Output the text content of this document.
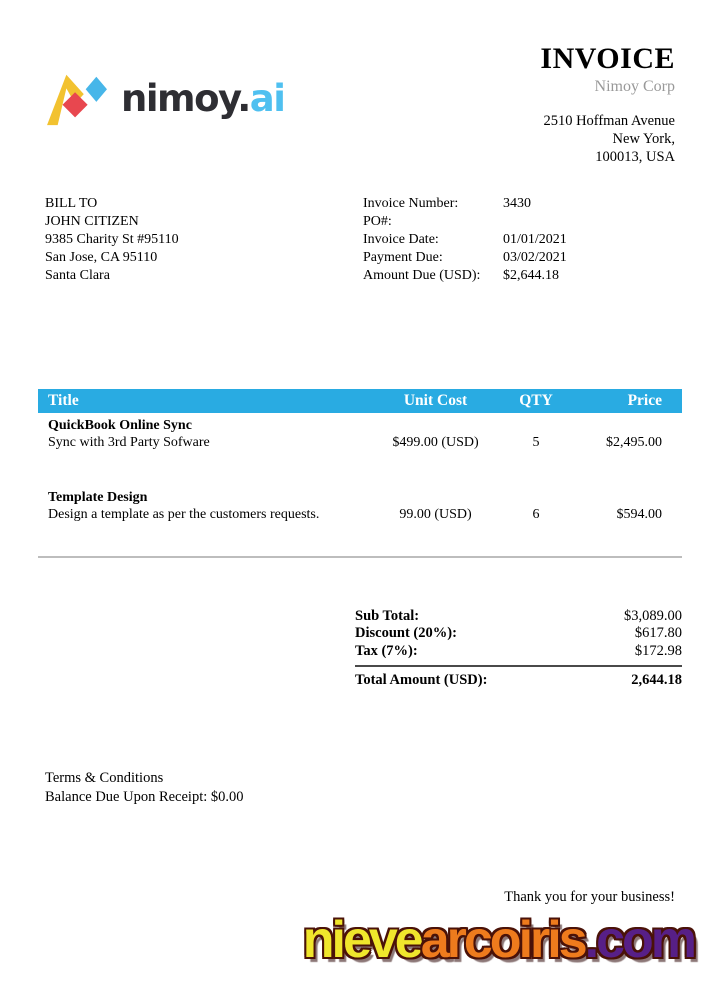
nimoy.ai
INVOICE
Nimoy Corp
2510 Hoffman Avenue
New York,
100013, USA
BILL TO
JOHN CITIZEN
9385 Charity St #95110
San Jose, CA 95110
Santa Clara
Invoice Number:	3430
PO#:
Invoice Date:	01/01/2021
Payment Due:	03/02/2021
Amount Due (USD):	$2,644.18
Title	Unit Cost	QTY	Price
QuickBook Online Sync
Sync with 3rd Party Sofware	$499.00 (USD)	5	$2,495.00
Template Design
Design a template as per the customers requests.	99.00 (USD)	6	$594.00
Sub Total:	$3,089.00
Discount (20%):	$617.80
Tax (7%):	$172.98
Total Amount (USD):	2,644.18
Terms & Conditions
Balance Due Upon Receipt: $0.00
Thank you for your business!
nievearcoiris.com
